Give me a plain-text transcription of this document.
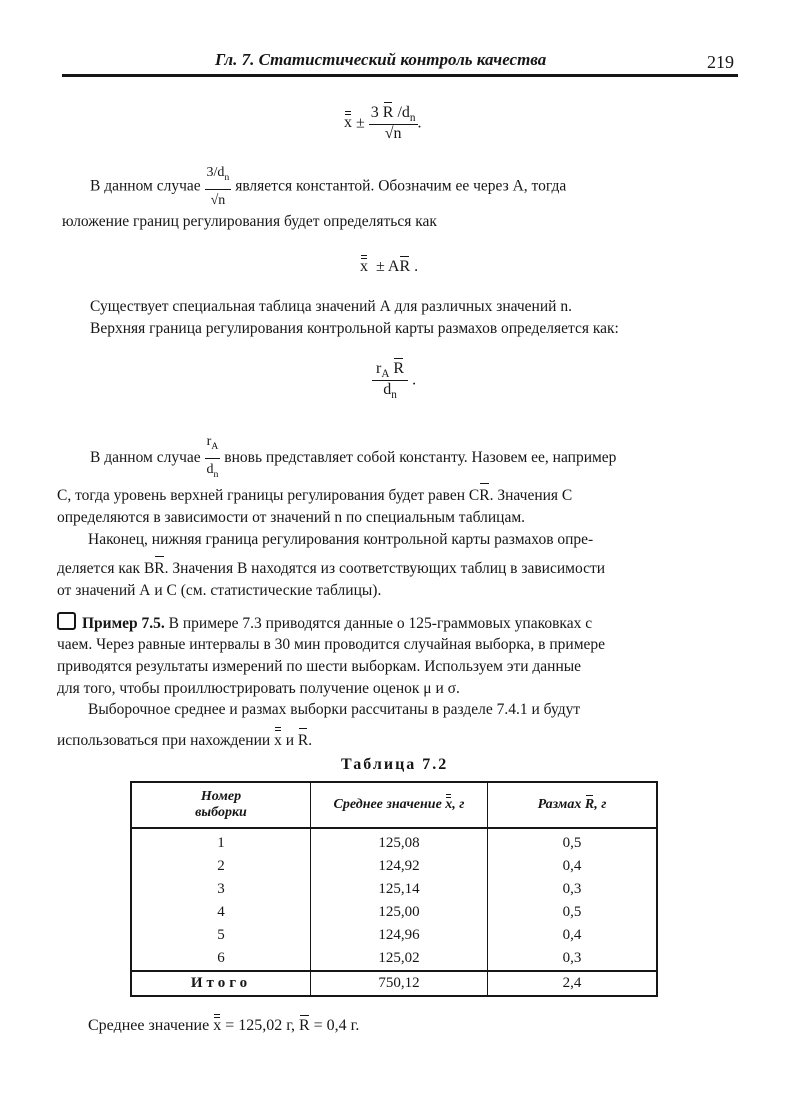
Гл. 7. Статистический контроль качества	219
$x \pm \frac{3 R /d_n}{√n}$ .
В данном случае $\frac{3/d_n}{√n}$ является константой. Обозначим ее через А, тогда
юложение границ регулирования будет определяться как
x ± AR .
Существует специальная таблица значений А для различных значений n.
Верхняя граница регулирования контрольной карты размахов определяется как:
$\frac{r_A R}{d_n}$ .
В данном случае $\frac{r_A}{d_n}$ вновь представляет собой константу. Назовем ее, например
С, тогда уровень верхней границы регулирования будет равен CR. Значения С
определяются в зависимости от значений n по специальным таблицам.
Наконец, нижняя граница регулирования контрольной карты размахов опре-
деляется как BR. Значения В находятся из соответствующих таблиц в зависимости
от значений А и С (см. статистические таблицы).
Пример 7.5. В примере 7.3 приводятся данные о 125-граммовых упаковках с
чаем. Через равные интервалы в 30 мин проводится случайная выборка, в примере
приводятся результаты измерений по шести выборкам. Используем эти данные
для того, чтобы проиллюстрировать получение оценок μ и σ.
Выборочное среднее и размах выборки рассчитаны в разделе 7.4.1 и будут
использоваться при нахождении x и R.
Таблица 7.2
Номер
выборки	Среднее значение x, г	Размах R, г
1	125,08	0,5
2	124,92	0,4
3	125,14	0,3
4	125,00	0,5
5	124,96	0,4
6	125,02	0,3
Итого	750,12	2,4
Среднее значение x = 125,02 г, R = 0,4 г.
